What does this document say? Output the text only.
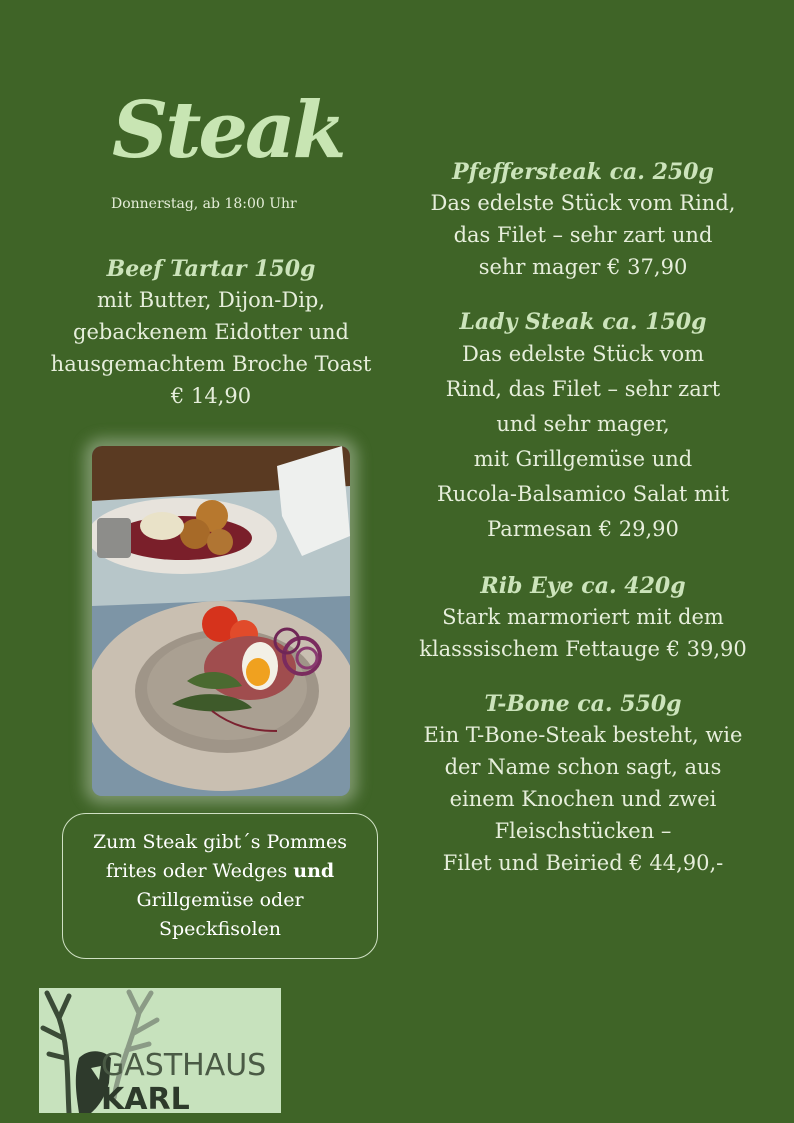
Steak
Donnerstag, ab 18:00 Uhr
Beef Tartar 150g
mit Butter, Dijon-Dip,
gebackenem Eidotter und
hausgemachtem Broche Toast
€ 14,90
Pfeffersteak ca. 250g
Das edelste Stück vom Rind,
das Filet – sehr zart und
sehr mager € 37,90
Lady Steak ca. 150g
Das edelste Stück vom
Rind, das Filet – sehr zart
und sehr mager,
mit Grillgemüse und
Rucola-Balsamico Salat mit
Parmesan € 29,90
Rib Eye ca. 420g
Stark marmoriert mit dem
klasssischem Fettauge € 39,90
T-Bone ca. 550g
Ein T-Bone-Steak besteht, wie
der Name schon sagt, aus
einem Knochen und zwei
Fleischstücken –
Filet und Beiried € 44,90,-
Zum Steak gibt´s Pommes
frites oder Wedges und
Grillgemüse oder
Speckfisolen
GASTHAUS
KARL
